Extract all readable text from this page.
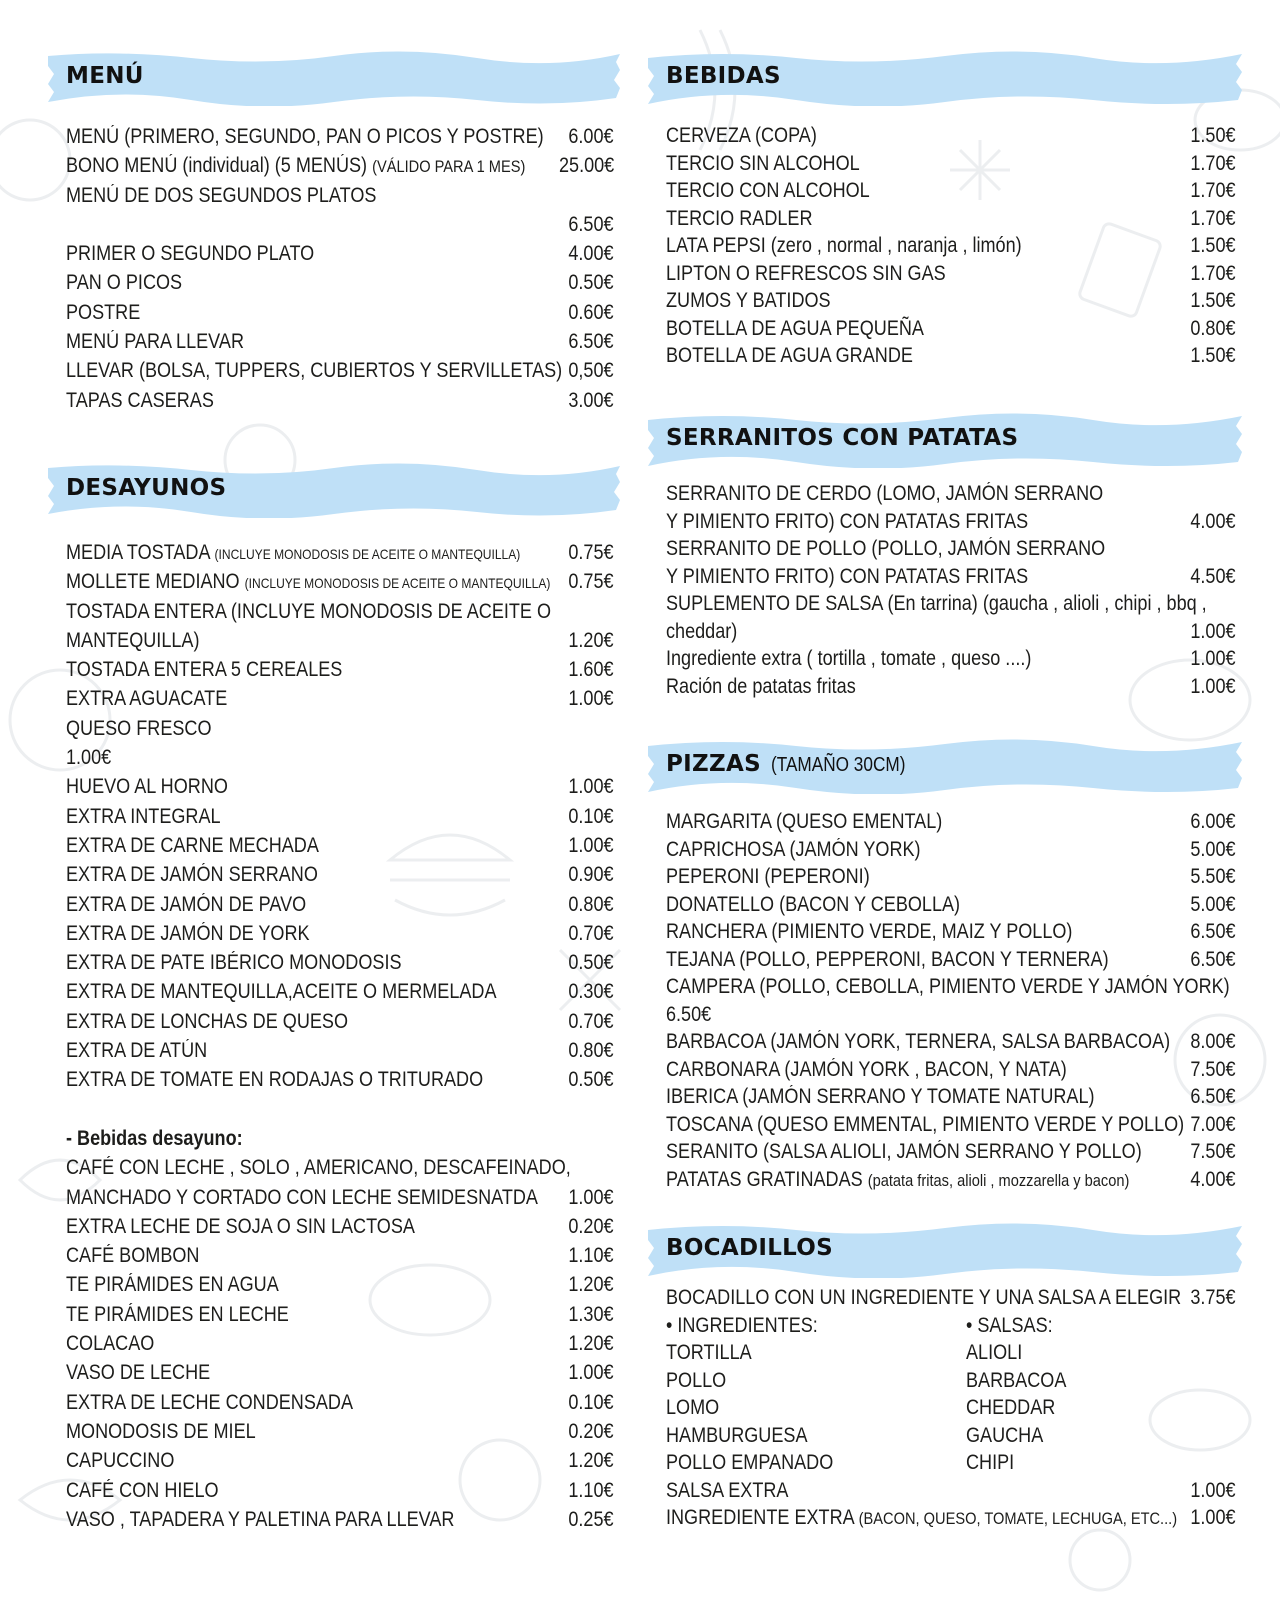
MENÚ
MENÚ (PRIMERO, SEGUNDO, PAN O PICOS Y POSTRE) 6.00€
BONO MENÚ (individual) (5 MENÚS) (VÁLIDO PARA 1 MES) 25.00€
MENÚ DE DOS SEGUNDOS PLATOS
6.50€
PRIMER O SEGUNDO PLATO	4.00€
PAN O PICOS	0.50€
POSTRE	0.60€
MENÚ PARA LLEVAR	6.50€
LLEVAR (BOLSA, TUPPERS, CUBIERTOS Y SERVILLETAS) 0,50€
TAPAS CASERAS	3.00€
DESAYUNOS
MEDIA TOSTADA (INCLUYE MONODOSIS DE ACEITE O MANTEQUILLA) 0.75€
MOLLETE MEDIANO (INCLUYE MONODOSIS DE ACEITE O MANTEQUILLA) 0.75€
TOSTADA ENTERA (INCLUYE MONODOSIS DE ACEITE O
MANTEQUILLA)	1.20€
TOSTADA ENTERA 5 CEREALES	1.60€
EXTRA AGUACATE	1.00€
QUESO FRESCO
1.00€
HUEVO AL HORNO	1.00€
EXTRA INTEGRAL	0.10€
EXTRA DE CARNE MECHADA	1.00€
EXTRA DE JAMÓN SERRANO	0.90€
EXTRA DE JAMÓN DE PAVO	0.80€
EXTRA DE JAMÓN DE YORK	0.70€
EXTRA DE PATE IBÉRICO MONODOSIS	0.50€
EXTRA DE MANTEQUILLA,ACEITE O MERMELADA	0.30€
EXTRA DE LONCHAS DE QUESO	0.70€
EXTRA DE ATÚN	0.80€
EXTRA DE TOMATE EN RODAJAS O TRITURADO	0.50€
- Bebidas desayuno:
CAFÉ CON LECHE , SOLO , AMERICANO, DESCAFEINADO,
MANCHADO Y CORTADO CON LECHE SEMIDESNATDA 1.00€
EXTRA LECHE DE SOJA O SIN LACTOSA	0.20€
CAFÉ BOMBON	1.10€
TE PIRÁMIDES EN AGUA	1.20€
TE PIRÁMIDES EN LECHE	1.30€
COLACAO	1.20€
VASO DE LECHE	1.00€
EXTRA DE LECHE CONDENSADA	0.10€
MONODOSIS DE MIEL	0.20€
CAPUCCINO	1.20€
CAFÉ CON HIELO	1.10€
VASO , TAPADERA Y PALETINA PARA LLEVAR	0.25€
BEBIDAS
CERVEZA (COPA)	1.50€
TERCIO SIN ALCOHOL	1.70€
TERCIO CON ALCOHOL	1.70€
TERCIO RADLER	1.70€
LATA PEPSI (zero , normal , naranja , limón)	1.50€
LIPTON O REFRESCOS SIN GAS	1.70€
ZUMOS Y BATIDOS	1.50€
BOTELLA DE AGUA PEQUEÑA	0.80€
BOTELLA DE AGUA GRANDE	1.50€
SERRANITOS CON PATATAS
SERRANITO DE CERDO (LOMO, JAMÓN SERRANO
Y PIMIENTO FRITO) CON PATATAS FRITAS	4.00€
SERRANITO DE POLLO (POLLO, JAMÓN SERRANO
Y PIMIENTO FRITO) CON PATATAS FRITAS	4.50€
SUPLEMENTO DE SALSA (En tarrina) (gaucha , alioli , chipi , bbq ,
cheddar)	1.00€
Ingrediente extra ( tortilla , tomate , queso ....)	1.00€
Ración de patatas fritas	1.00€
PIZZAS (TAMAÑO 30CM)
MARGARITA (QUESO EMENTAL)	6.00€
CAPRICHOSA (JAMÓN YORK)	5.00€
PEPERONI (PEPERONI)	5.50€
DONATELLO (BACON Y CEBOLLA)	5.00€
RANCHERA (PIMIENTO VERDE, MAIZ Y POLLO)	6.50€
TEJANA (POLLO, PEPPERONI, BACON Y TERNERA)	6.50€
CAMPERA (POLLO, CEBOLLA, PIMIENTO VERDE Y JAMÓN YORK)
6.50€
BARBACOA (JAMÓN YORK, TERNERA, SALSA BARBACOA) 8.00€
CARBONARA (JAMÓN YORK , BACON, Y NATA)	7.50€
IBERICA (JAMÓN SERRANO Y TOMATE NATURAL)	6.50€
TOSCANA (QUESO EMMENTAL, PIMIENTO VERDE Y POLLO) 7.00€
SERANITO (SALSA ALIOLI, JAMÓN SERRANO Y POLLO) 7.50€
PATATAS GRATINADAS (patata fritas, alioli , mozzarella y bacon)	4.00€
BOCADILLOS
BOCADILLO CON UN INGREDIENTE Y UNA SALSA A ELEGIR 3.75€
• INGREDIENTES:	• SALSAS:
TORTILLA	ALIOLI
POLLO	BARBACOA
LOMO	CHEDDAR
HAMBURGUESA	GAUCHA
POLLO EMPANADO	CHIPI
SALSA EXTRA	1.00€
INGREDIENTE EXTRA (BACON, QUESO, TOMATE, LECHUGA, ETC...) 1.00€
